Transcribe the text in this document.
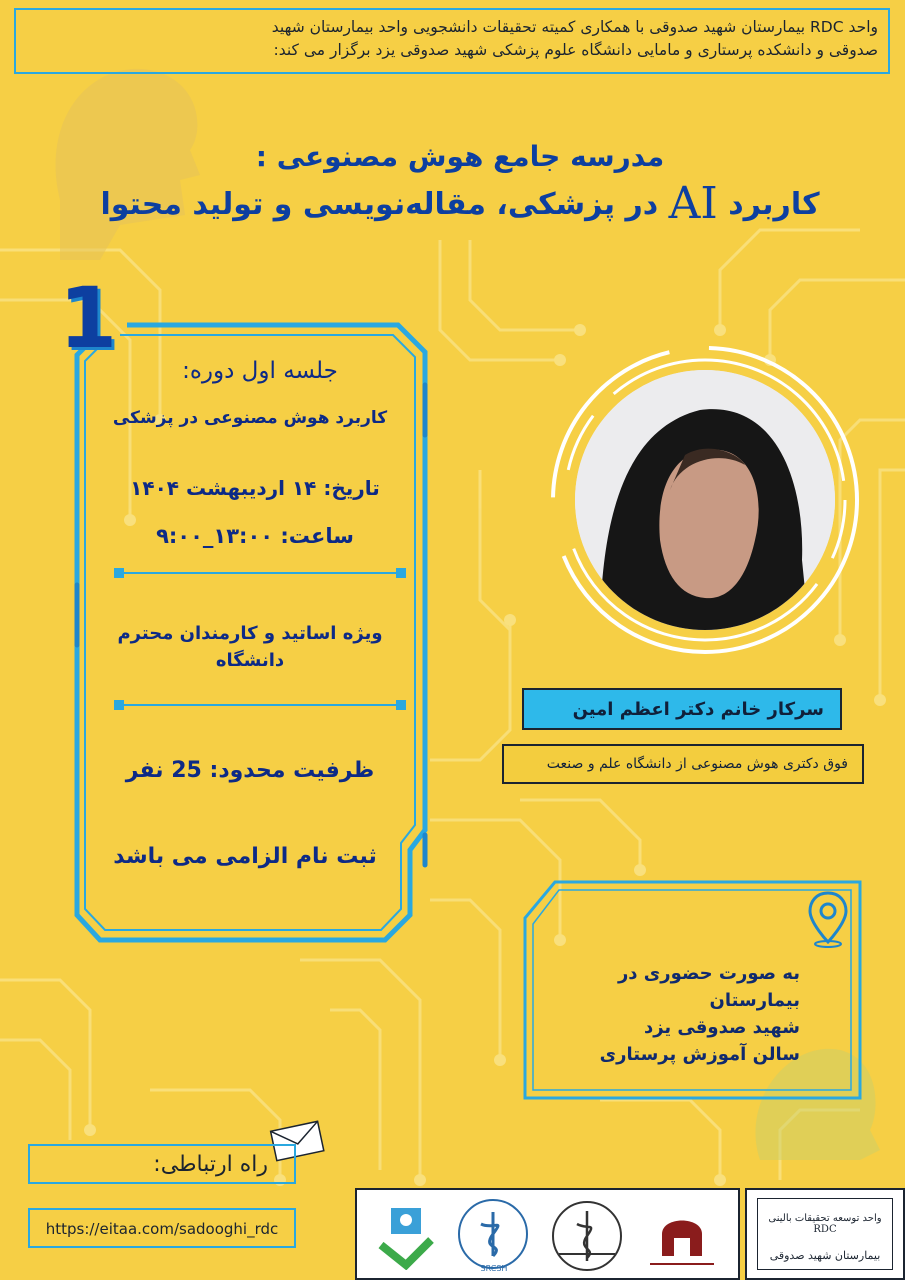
واحد RDC بیمارستان شهید صدوقی با همکاری کمیته تحقیقات دانشجویی واحد بیمارستان شهید
صدوقی و دانشکده پرستاری و مامایی دانشگاه علوم پزشکی شهید صدوقی یزد برگزار می کند:
مدرسه جامع هوش مصنوعی :
کاربرد AI در پزشکی، مقاله‌نویسی و تولید محتوا
1
جلسه اول دوره:
کاربرد هوش مصنوعی در پزشکی
تاریخ: ۱۴ اردیبهشت ۱۴۰۴
ساعت: ۱۳:۰۰_۹:۰۰
ویژه اساتید و کارمندان محترم
دانشگاه
ظرفیت محدود: 25 نفر
ثبت نام الزامی می باشد
سرکار خانم دکتر اعظم امین
فوق دکتری هوش مصنوعی از دانشگاه علم و صنعت
به صورت حضوری در بیمارستان
شهید صدوقی یزد
سالن آموزش پرستاری
راه ارتباطی:
https://eitaa.com/sadooghi_rdc
SRCSH
واحد توسعه تحقیقات بالینی RDC
بیمارستان شهید صدوقی
